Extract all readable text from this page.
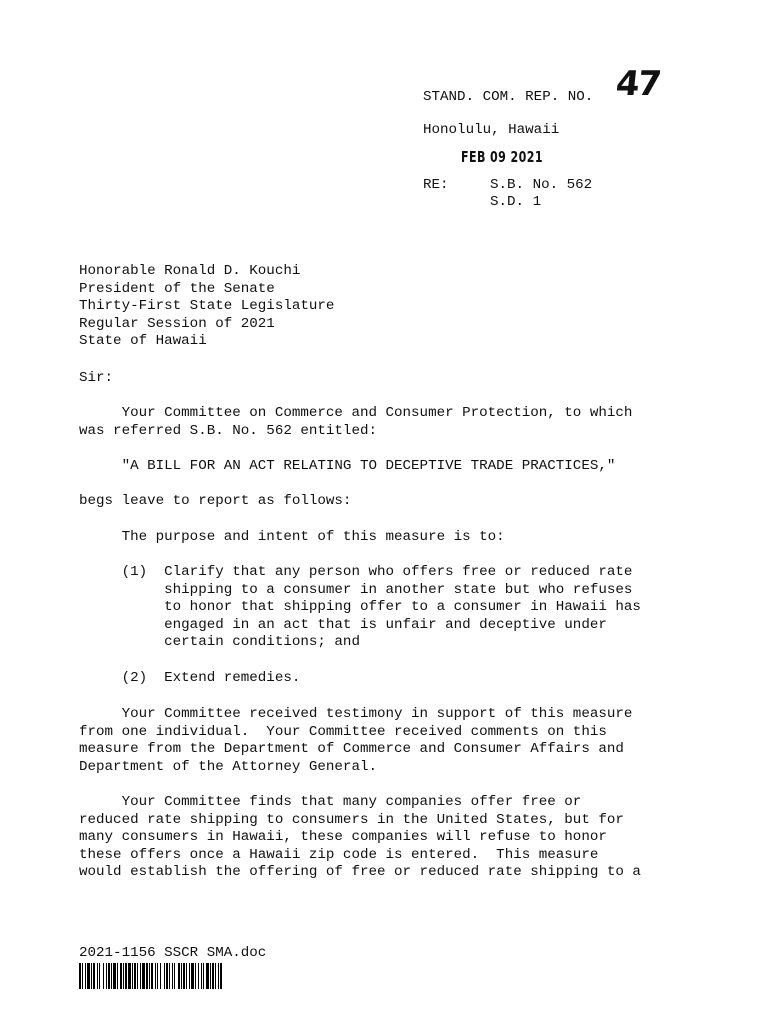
STAND. COM. REP. NO. 47
Honolulu, Hawaii
FEB 09 2021
RE:	S.B. No. 562
S.D. 1
Honorable Ronald D. Kouchi
President of the Senate
Thirty-First State Legislature
Regular Session of 2021
State of Hawaii
Sir:
Your Committee on Commerce and Consumer Protection, to which
was referred S.B. No. 562 entitled:
"A BILL FOR AN ACT RELATING TO DECEPTIVE TRADE PRACTICES,"
begs leave to report as follows:
The purpose and intent of this measure is to:
(1)  Clarify that any person who offers free or reduced rate
shipping to a consumer in another state but who refuses
to honor that shipping offer to a consumer in Hawaii has
engaged in an act that is unfair and deceptive under
certain conditions; and
(2)  Extend remedies.
Your Committee received testimony in support of this measure
from one individual.  Your Committee received comments on this
measure from the Department of Commerce and Consumer Affairs and
Department of the Attorney General.
Your Committee finds that many companies offer free or
reduced rate shipping to consumers in the United States, but for
many consumers in Hawaii, these companies will refuse to honor
these offers once a Hawaii zip code is entered.  This measure
would establish the offering of free or reduced rate shipping to a
2021-1156 SSCR SMA.doc
